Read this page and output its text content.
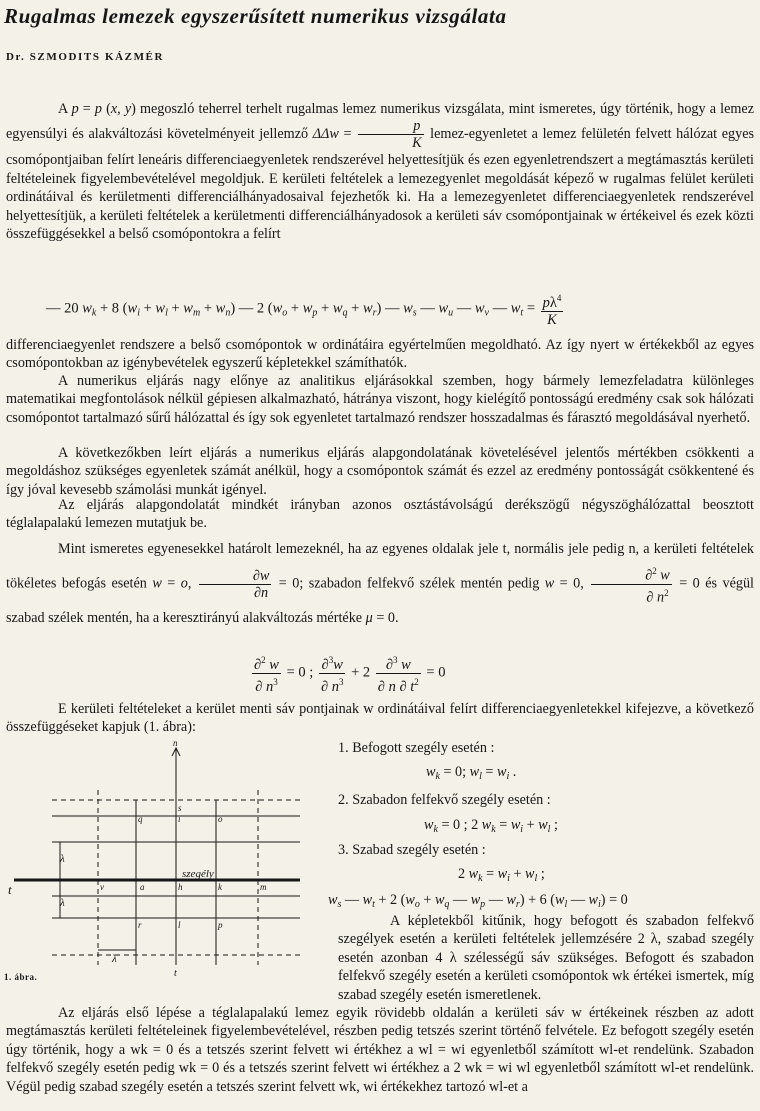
Rugalmas lemezek egyszerűsített numerikus vizsgálata
Dr. SZMODITS KÁZMÉR

A p = p (x, y) megoszló teherrel terhelt rugalmas lemez numerikus vizsgálata, mint ismeretes, úgy történik, hogy a lemez egyensúlyi és alakváltozási követelményeit jellemző $\Delta\Delta w = \frac{p}{K}$ lemez-egyenletet a lemez felületén felvett hálózat egyes csomópontjaiban felírt leneáris differenciaegyenletek rendszerével helyettesítjük és ezen egyenletrendszert a megtámasztás kerületi feltételeinek figyelembevételével megoldjuk. E kerületi feltételek a lemezegyenlet megoldását képező w rugalmas felület kerületi ordinátáival és kerületmenti differenciálhányadosaival fejezhetők ki. Ha a lemezegyenletet differenciaegyenletek rendszerével helyettesítjük, a kerületi feltételek a kerületmenti differenciálhányadosok a kerületi sáv csomópontjainak w értékeivel és ezek közti összefüggésekkel a belső csomópontokra a felírt

— 20 $w_k + 8$ $(w_i + w_l + w_m + w_n)$ — 2 $(w_o + w_p + w_q + w_r)$ — $w_s$ — $w_u$ — $w_v$ — $w_t = \frac{p\lambda^4}{K}$

differenciaegyenlet rendszere a belső csomópontok w ordinátáira egyértelműen megoldható. Az így nyert w értékekből az egyes csomópontokban az igénybevételek egyszerű képletekkel számíthatók.

A numerikus eljárás nagy előnye az analitikus eljárásokkal szemben, hogy bármely lemezfeladatra különleges matematikai megfontolások nélkül gépiesen alkalmazható, hátránya viszont, hogy kielégítő pontosságú eredmény csak sok hálózati csomópontot tartalmazó sűrű hálózattal és így sok egyenletet tartalmazó rendszer hosszadalmas és fárasztó megoldásával nyerhető.

A következőkben leírt eljárás a numerikus eljárás alapgondolatának követelésével jelentős mértékben csökkenti a megoldáshoz szükséges egyenletek számát anélkül, hogy a csomópontok számát és ezzel az eredmény pontosságát csökkentené és így jóval kevesebb számolási munkát igényel.

Az eljárás alapgondolatát mindkét irányban azonos osztástávolságú derékszögű négyszöghálózattal beosztott téglalapalakú lemezen mutatjuk be.

Mint ismeretes egyenesekkel határolt lemezeknél, ha az egyenes oldalak jele t, normális jele pedig n, a kerületi feltételek tökéletes befogás esetén w = o, $\frac{\partial w}{\partial n} = 0$; szabadon felfekvő szélek mentén pedig w = 0, $\frac{\partial^2 w}{\partial n^2} = 0$ és végül szabad szélek mentén, ha a keresztirányú alakváltozás mértéke μ = 0.

$\frac{\partial^2 w}{\partial n^3} = 0$ ; $\frac{\partial^3w}{\partial n^3} + 2 \frac{\partial^3 w}{\partial n \partial t^2} = 0$

E kerületi feltételeket a kerület menti sáv pontjainak w ordinátáival felírt differenciaegyenletekkel kifejezve, a következő összefüggéseket kapjuk (1. ábra):

1. Befogott szegély esetén :
$w_k = 0$; $w_l = w_i$ .
2. Szabadon felfekvő szegély esetén :
$w_k = 0$ ; 2 $w_k = w_i + w_l$ ;
3. Szabad szegély esetén :
2 $w_k = w_i + w_l$ ;
$w_s$ — $w_t + 2$ ($w_o + w_q$ — $w_p$ — $w_r) + 6$ ($w_l$ — $w_i) = 0$

A képletekből kitűnik, hogy befogott és szabadon felfekvő szegélyek esetén a kerületi feltételek jellemzésére 2 λ, szabad szegély esetén azonban 4 λ szélességű sáv szükséges. Befogott és szabadon felfekvő szegély esetén a kerületi csomópontok wk értékei ismertek, míg szabad szegély esetén ismeretlenek.

Az eljárás első lépése a téglalapalakú lemez egyik rövidebb oldalán a kerületi sáv w értékeinek részben az adott megtámasztás kerületi feltételeinek figyelembevételével, részben pedig tetszés szerint történő felvétele. Ez befogott szegély esetén úgy történik, hogy a wk = 0 és a tetszés szerint felvett wi értékhez a wl = wi egyenletből számított wl-et rendelünk. Szabadon felfekvő szegély esetén pedig wk = 0 és a tetszés szerint felvett wi értékhez a 2 wk = wi wl egyenletből számított wl-et rendelünk. Végül pedig szabad szegély esetén a tetszés szerint felvett wk, wi értékekhez tartozó wl-et a

n
t
t
szegély
λ
λ
λ
s
q	i	o
v	a	h	k	m
r	l	p
1. ábra.
